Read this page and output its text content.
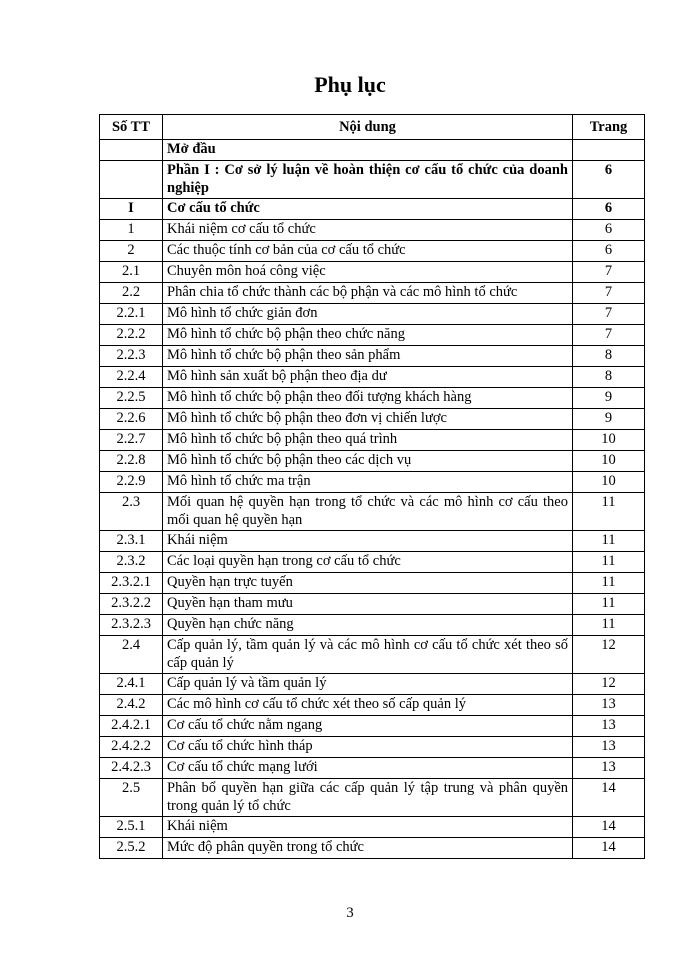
Phụ lục
Số TT	Nội dung	Trang
	Mở đầu	
	Phần I : Cơ sở lý luận về hoàn thiện cơ cấu tổ chức của doanh nghiệp	6
I	Cơ cấu tổ chức	6
1	Khái niệm cơ cấu tổ chức	6
2	Các thuộc tính cơ bản của cơ cấu tổ chức	6
2.1	Chuyên môn hoá công việc	7
2.2	Phân chia tổ chức thành các bộ phận và các mô hình tổ chức	7
2.2.1	Mô hình tổ chức giản đơn	7
2.2.2	Mô hình tổ chức bộ phận theo chức năng	7
2.2.3	Mô hình tổ chức bộ phận theo sản phẩm	8
2.2.4	Mô hình sản xuất bộ phận theo địa dư	8
2.2.5	Mô hình tổ chức bộ phận theo đối tượng khách hàng	9
2.2.6	Mô hình tổ chức bộ phận theo đơn vị chiến lược	9
2.2.7	Mô hình tổ chức bộ phận theo quá trình	10
2.2.8	Mô hình tổ chức bộ phận theo các dịch vụ	10
2.2.9	Mô hình tổ chức ma trận	10
2.3	Mối quan hệ quyền hạn trong tổ chức và các mô hình cơ cấu theo mối quan hệ quyền hạn	11
2.3.1	Khái niệm	11
2.3.2	Các loại quyền hạn trong cơ cấu tổ chức	11
2.3.2.1	Quyền hạn trực tuyến	11
2.3.2.2	Quyền hạn tham mưu	11
2.3.2.3	Quyền hạn chức năng	11
2.4	Cấp quản lý, tầm quản lý và các mô hình cơ cấu tổ chức xét theo số cấp quản lý	12
2.4.1	Cấp quản lý và tầm quản lý	12
2.4.2	Các mô hình cơ cấu tổ chức xét theo số cấp quản lý	13
2.4.2.1	Cơ cấu tổ chức nằm ngang	13
2.4.2.2	Cơ cấu tổ chức hình tháp	13
2.4.2.3	Cơ cấu tổ chức mạng lưới	13
2.5	Phân bổ quyền hạn giữa các cấp quản lý tập trung và phân quyền trong quản lý tổ chức	14
2.5.1	Khái niệm	14
2.5.2	Mức độ phân quyền trong tổ chức	14
3
